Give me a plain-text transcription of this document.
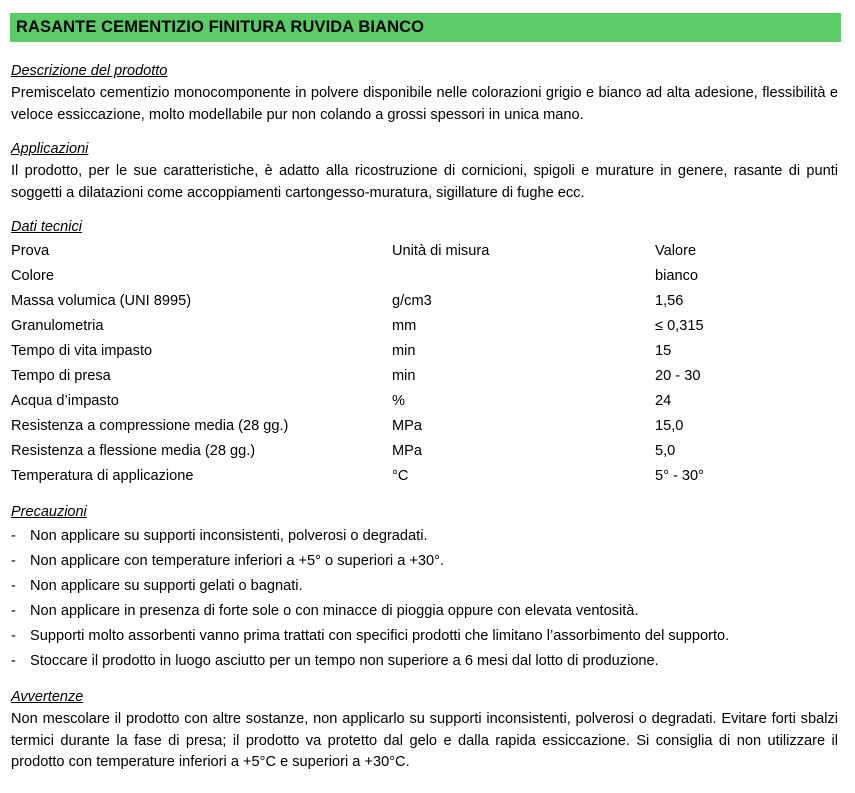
RASANTE CEMENTIZIO FINITURA RUVIDA BIANCO
Descrizione del prodotto

Premiscelato cementizio monocomponente in polvere disponibile nelle colorazioni grigio e bianco ad alta adesione, flessibilità e veloce essiccazione, molto modellabile pur non colando a grossi spessori in unica mano.

Applicazioni

Il prodotto, per le sue caratteristiche, è adatto alla ricostruzione di cornicioni, spigoli e murature in genere, rasante di punti soggetti a dilatazioni come accoppiamenti cartongesso-muratura, sigillature di fughe ecc.

Dati tecnici
Prova	Unità di misura	Valore
Colore		bianco
Massa volumica (UNI 8995)	g/cm3	1,56
Granulometria	mm	≤ 0,315
Tempo di vita impasto	min	15
Tempo di presa	min	20 - 30
Acqua d’impasto	%	24
Resistenza a compressione media (28 gg.)	MPa	15,0
Resistenza a flessione media (28 gg.)	MPa	5,0
Temperatura di applicazione	°C	5° - 30°
Precauzioni
- Non applicare su supporti inconsistenti, polverosi o degradati.
- Non applicare con temperature inferiori a +5° o superiori a +30°.
- Non applicare su supporti gelati o bagnati.
- Non applicare in presenza di forte sole o con minacce di pioggia oppure con elevata ventosità.
- Supporti molto assorbenti vanno prima trattati con specifici prodotti che limitano l’assorbimento del supporto.
- Stoccare il prodotto in luogo asciutto per un tempo non superiore a 6 mesi dal lotto di produzione.
Avvertenze

Non mescolare il prodotto con altre sostanze, non applicarlo su supporti inconsistenti, polverosi o degradati. Evitare forti sbalzi termici durante la fase di presa; il prodotto va protetto dal gelo e dalla rapida essiccazione. Si consiglia di non utilizzare il prodotto con temperature inferiori a +5°C e superiori a +30°C.
